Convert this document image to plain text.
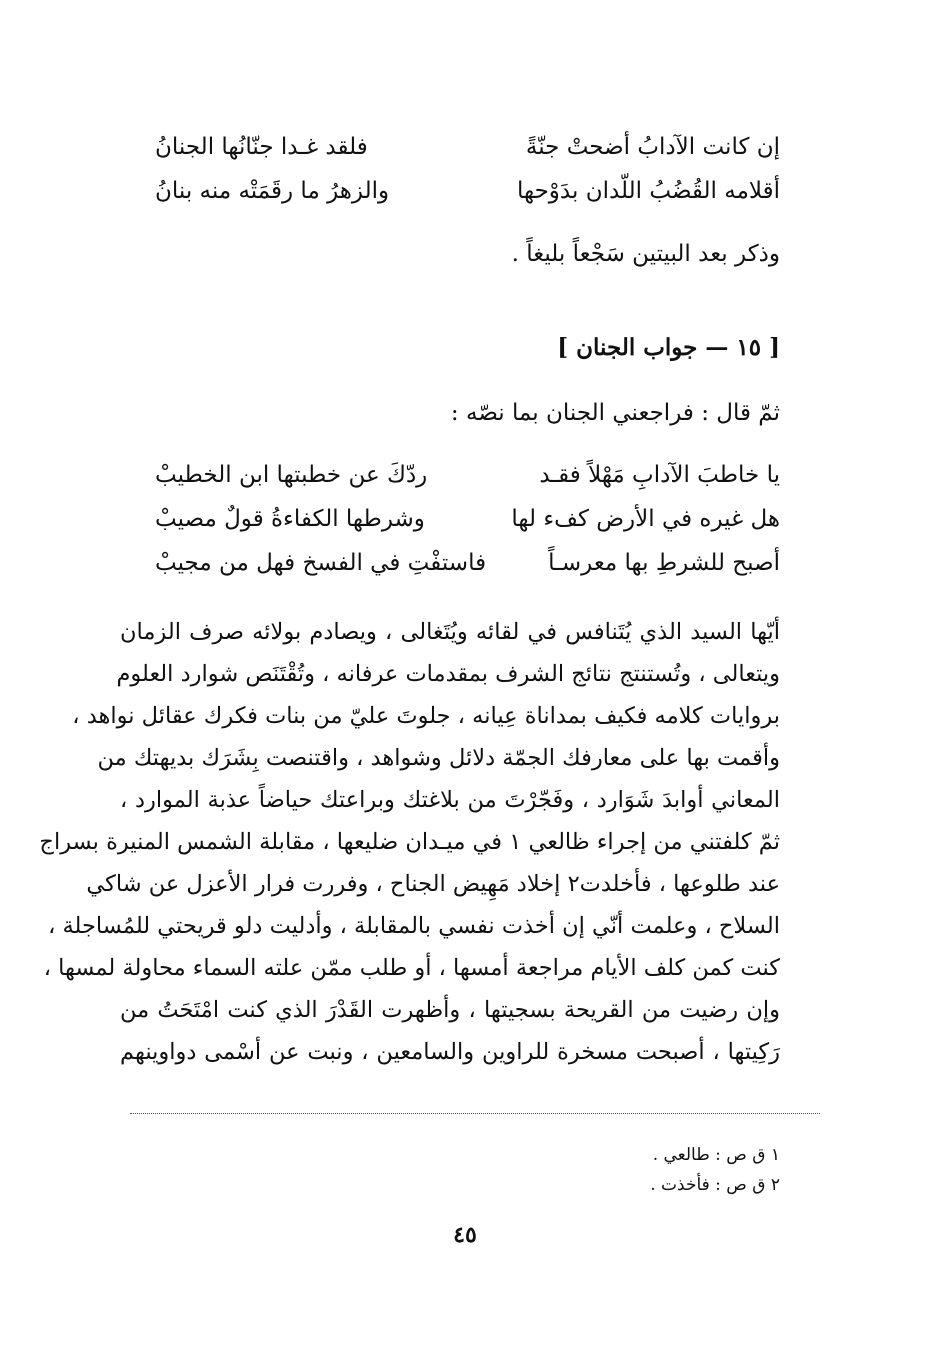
إن كانت الآدابُ أضحتْ جنّةً
فلقد غـدا جنّانُها الجنانُ
أقلامه القُضُبُ اللّدان بدَوْحها
والزهرُ ما رقَمَتْه منه بنانُ
وذكر بعد البيتين سَجْعاً بليغاً .
[ ١٥ — جواب الجنان ]
ثمّ قال : فراجعني الجنان بما نصّه :
يا خاطبَ الآدابِ مَهْلاً فقـد
ردّكَ عن خطبتها ابن الخطيبْ
هل غيره في الأرض كفء لها
وشرطها الكفاءةُ قولٌ مصيبْ
أصبح للشرطِ بها معرسـاً
فاستفْتِ في الفسخ فهل من مجيبْ
أيّها السيد الذي يُتَنافس في لقائه ويُتَغالى ، ويصادم بولائه صرف الزمان
ويتعالى ، وتُستنتج نتائج الشرف بمقدمات عرفانه ، وتُقْتَنَص شوارد العلوم
بروايات كلامه فكيف بمداناة عِيانه ، جلوتَ عليّ من بنات فكرك عقائل نواهد ،
وأقمت بها على معارفك الجمّة دلائل وشواهد ، واقتنصت بِشَرَك بديهتك من
المعاني أوابدَ شَوَارد ، وفَجّرْتَ من بلاغتك وبراعتك حياضاً عذبة الموارد ،
ثمّ كلفتني من إجراء ظالعي ١ في ميـدان ضليعها ، مقابلة الشمس المنيرة بسراج
عند طلوعها ، فأخلدت٢ إخلاد مَهِيض الجناح ، وفررت فرار الأعزل عن شاكي
السلاح ، وعلمت أنّي إن أخذت نفسي بالمقابلة ، وأدليت دلو قريحتي للمُساجلة ،
كنت كمن كلف الأيام مراجعة أمسها ، أو طلب ممّن علته السماء محاولة لمسها ،
وإن رضيت من القريحة بسجيتها ، وأظهرت القَدْرَ الذي كنت امْتَحَتُ من
رَكِيتها ، أصبحت مسخرة للراوين والسامعين ، ونبت عن أسْمى دواوينهم
١ ق ص : طالعي .
٢ ق ص : فأخذت .
٤٥
